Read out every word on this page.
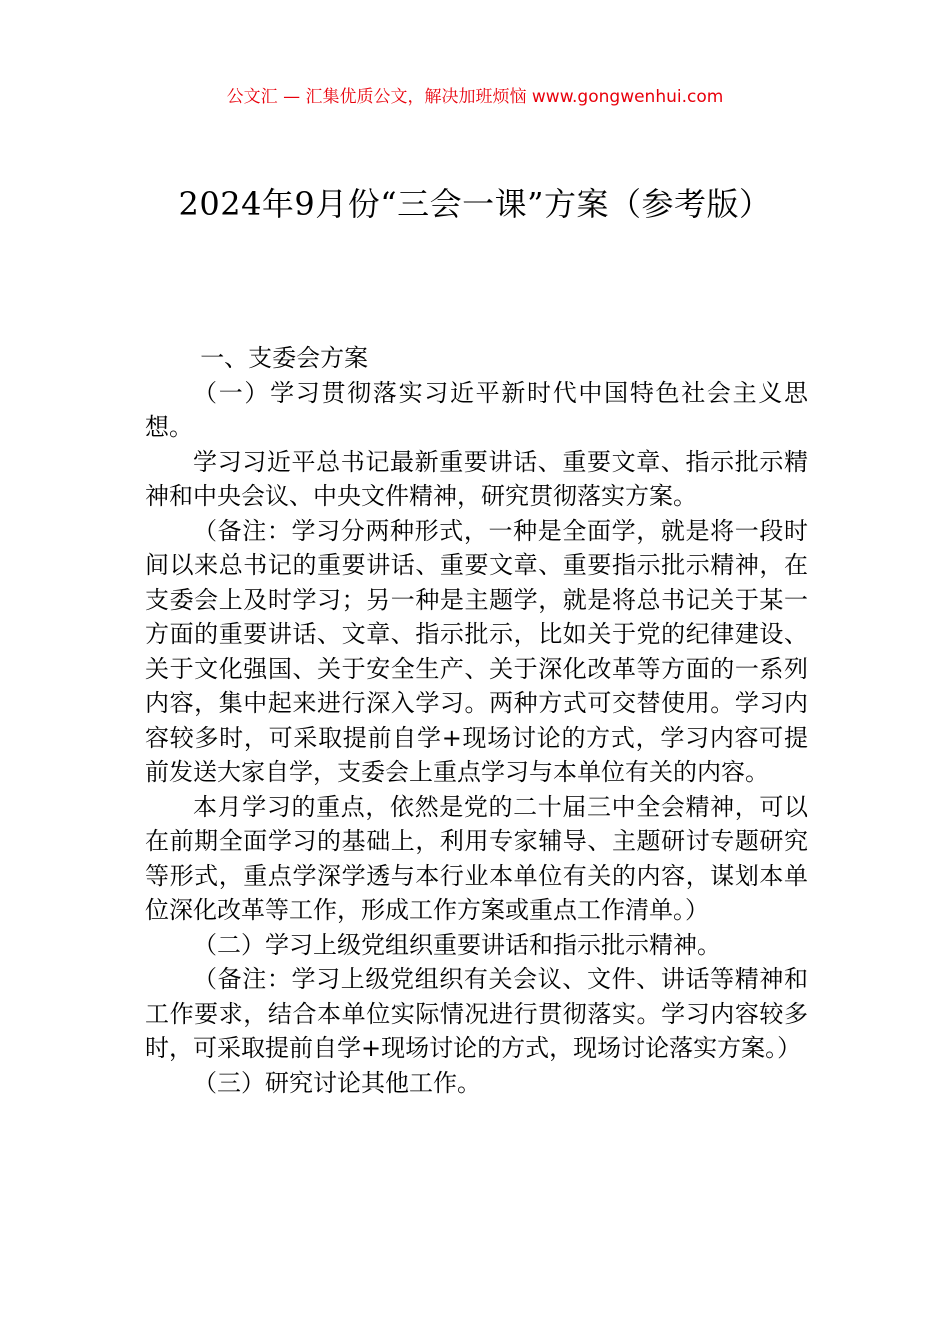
公文汇 — 汇集优质公文，解决加班烦恼 www.gongwenhui.com
2024年9月份“三会一课”方案（参考版）

一、支委会方案

（一）学习贯彻落实习近平新时代中国特色社会主义思想。

学习习近平总书记最新重要讲话、重要文章、指示批示精神和中央会议、中央文件精神，研究贯彻落实方案。

（备注：学习分两种形式，一种是全面学，就是将一段时间以来总书记的重要讲话、重要文章、重要指示批示精神，在支委会上及时学习；另一种是主题学，就是将总书记关于某一方面的重要讲话、文章、指示批示，比如关于党的纪律建设、关于文化强国、关于安全生产、关于深化改革等方面的一系列内容，集中起来进行深入学习。两种方式可交替使用。学习内容较多时，可采取提前自学+现场讨论的方式，学习内容可提前发送大家自学，支委会上重点学习与本单位有关的内容。

本月学习的重点，依然是党的二十届三中全会精神，可以在前期全面学习的基础上，利用专家辅导、主题研讨专题研究等形式，重点学深学透与本行业本单位有关的内容，谋划本单位深化改革等工作，形成工作方案或重点工作清单。）

（二）学习上级党组织重要讲话和指示批示精神。

（备注：学习上级党组织有关会议、文件、讲话等精神和工作要求，结合本单位实际情况进行贯彻落实。学习内容较多时，可采取提前自学+现场讨论的方式，现场讨论落实方案。）

（三）研究讨论其他工作。
